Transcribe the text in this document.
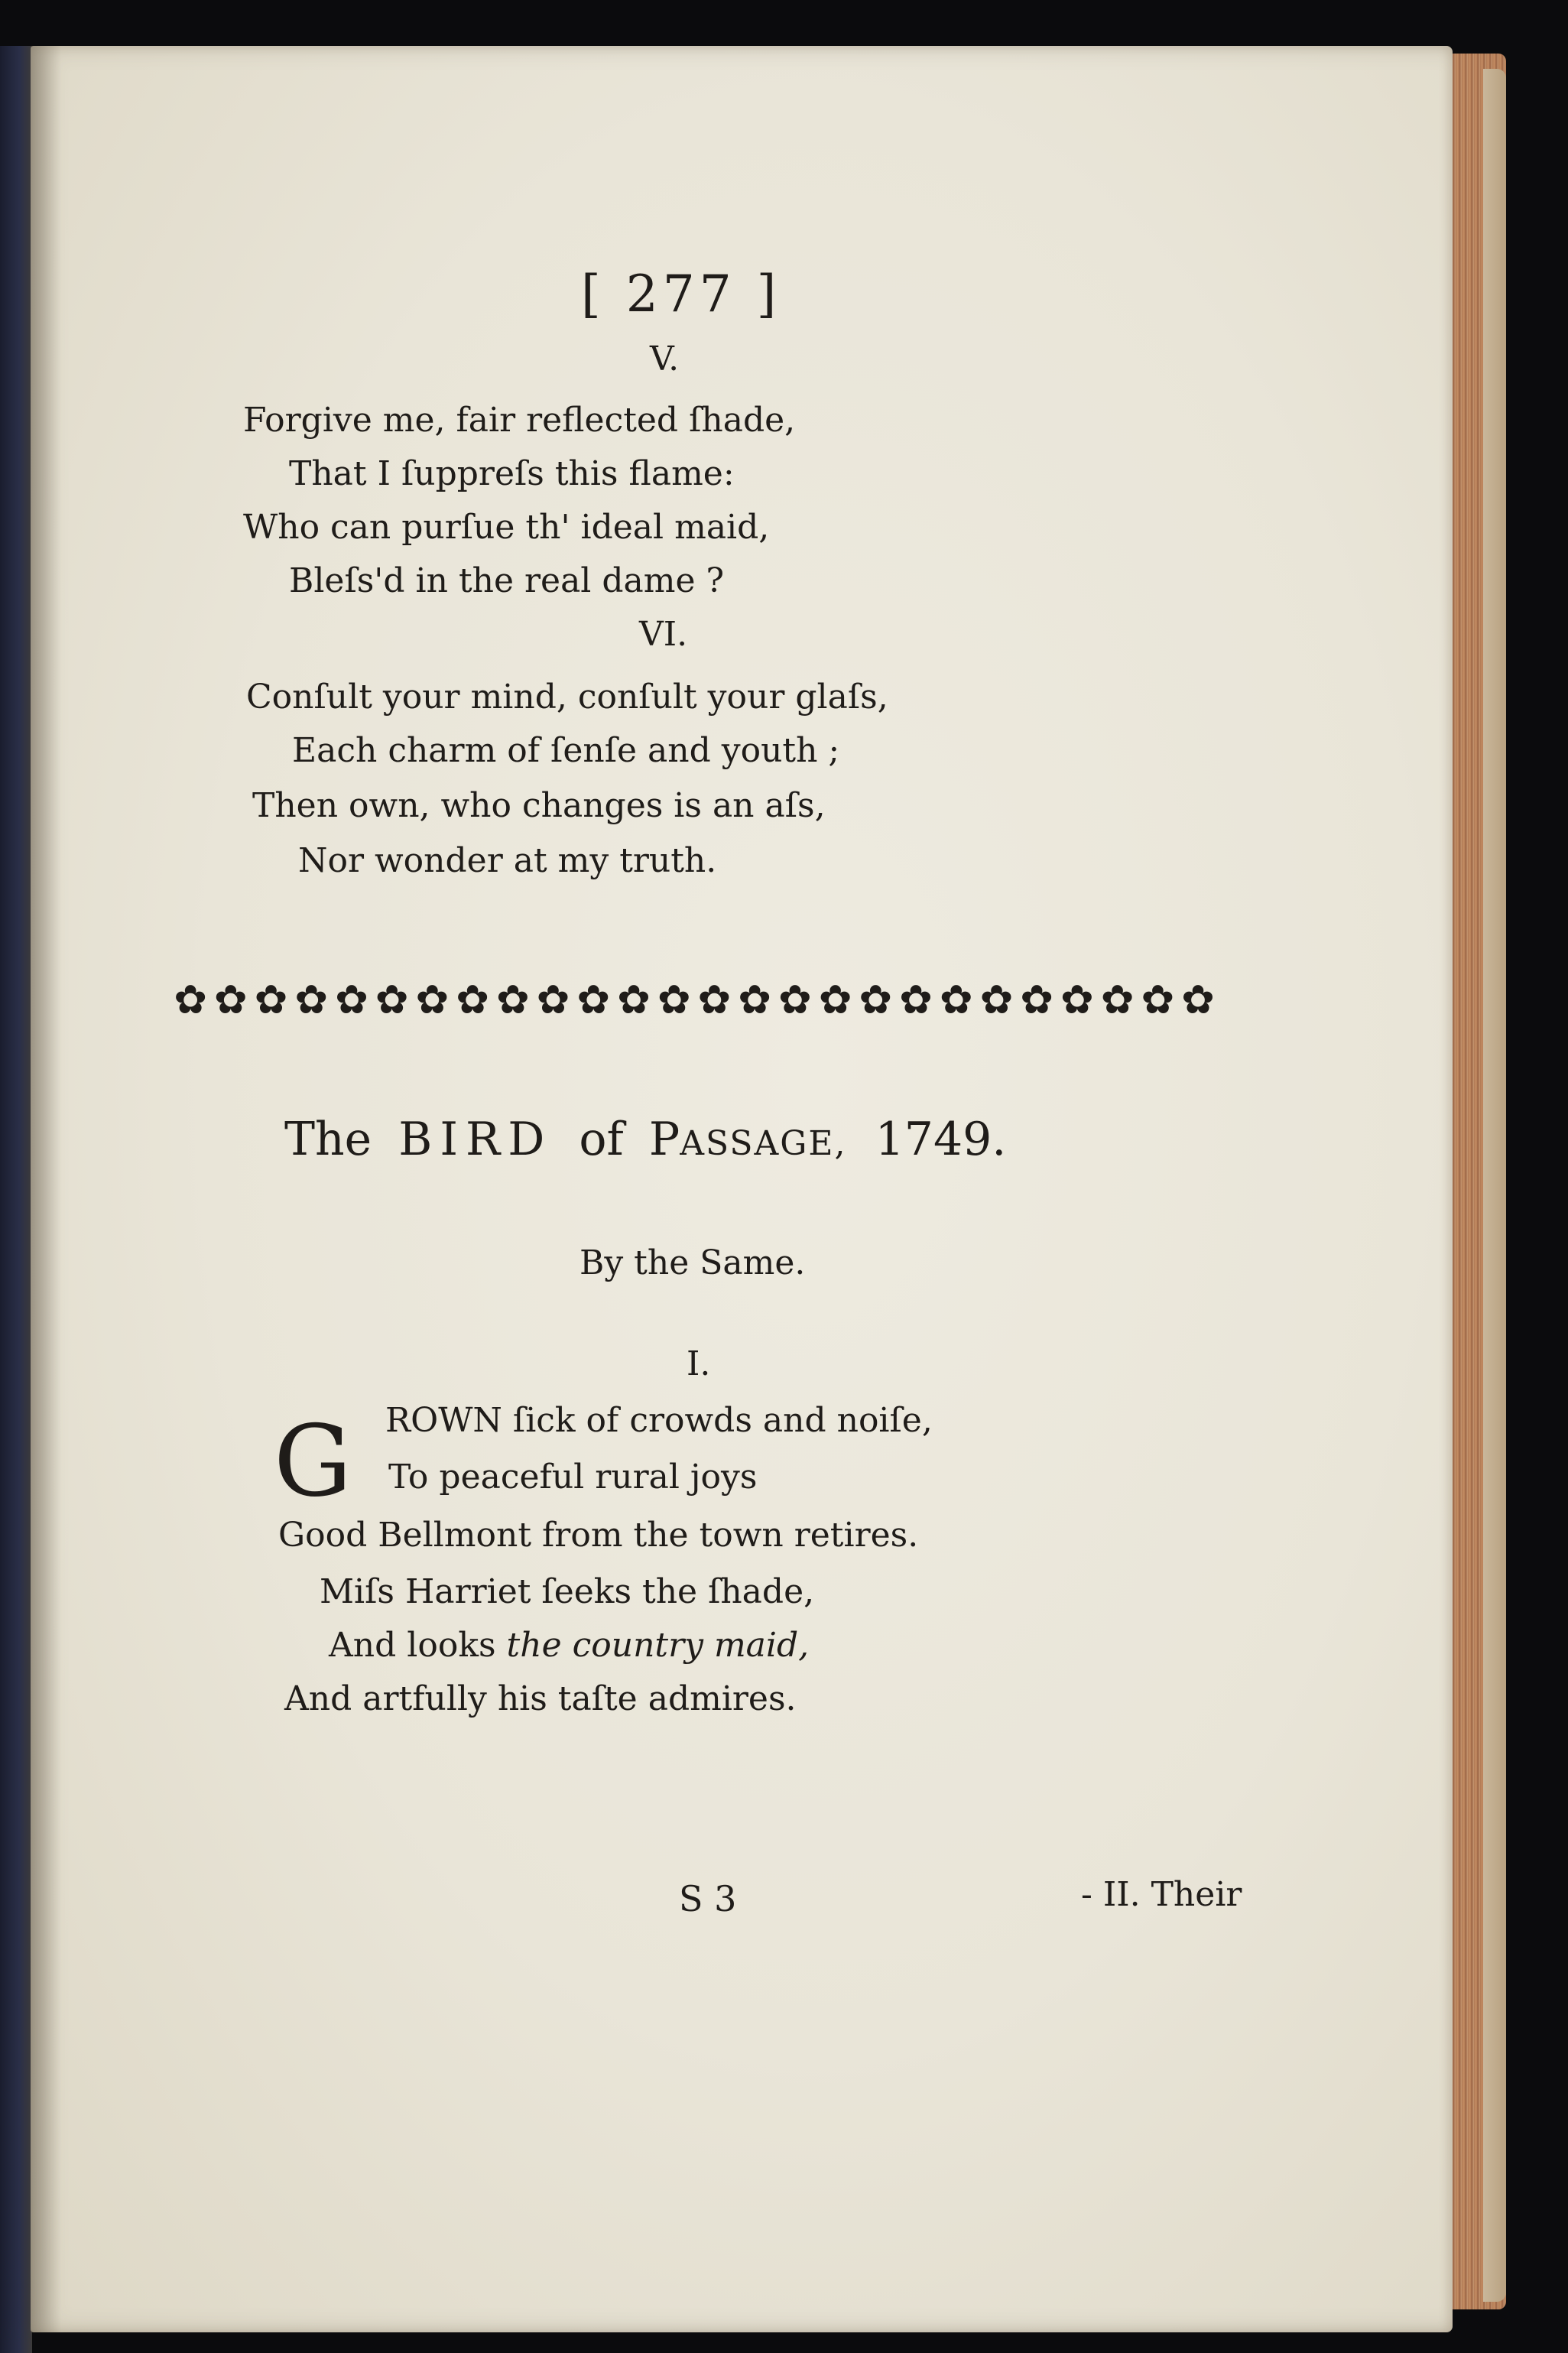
[ 277 ]
V.
Forgive me, fair reflected ſhade,
That I ſuppreſs this flame:
Who can purſue th' ideal maid,
Bleſs'd in the real dame ?
VI.
Conſult your mind, conſult your glaſs,
Each charm of ſenſe and youth ;
Then own, who changes is an aſs,
Nor wonder at my truth.
✿ ✿ ✿ ✿ ✿ ✿ ✿ ✿ ✿ ✿ ✿ ✿ ✿ ✿ ✿ ✿ ✿ ✿ ✿ ✿ ✿ ✿ ✿ ✿ ✿ ✿
The BIRD of PASSAGE, 1749.
By the Same.
I.
G ROWN ſick of crowds and noiſe,
To peaceful rural joys
Good Bellmont from the town retires.
Miſs Harriet ſeeks the ſhade,
And looks the country maid,
And artfully his taſte admires.
S 3	- II. Their
